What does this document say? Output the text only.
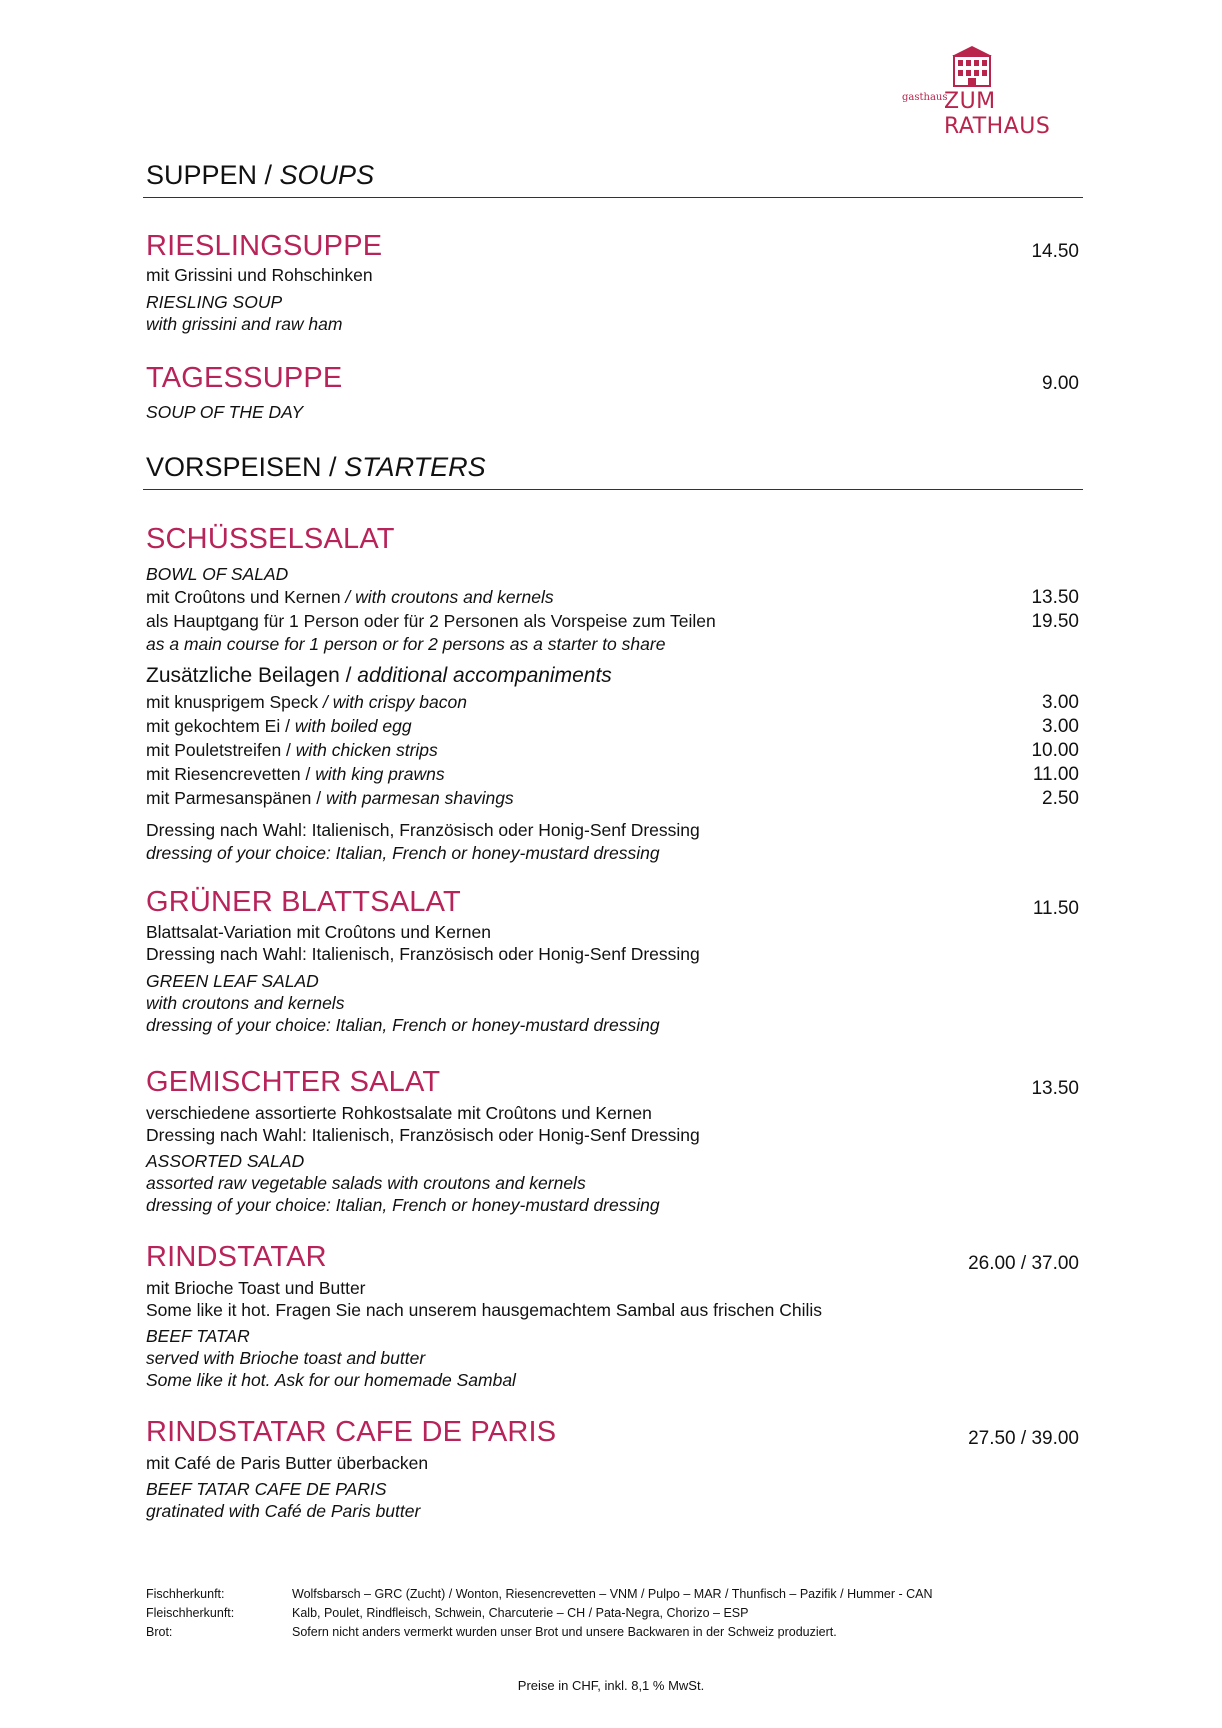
gasthaus
ZUM RATHAUS
SUPPEN / SOUPS
RIESLINGSUPPE	14.50
mit Grissini und Rohschinken
RIESLING SOUP
with grissini and raw ham
TAGESSUPPE	9.00
SOUP OF THE DAY
VORSPEISEN / STARTERS
SCHÜSSELSALAT
BOWL OF SALAD
mit Croûtons und Kernen / with croutons and kernels	13.50
als Hauptgang für 1 Person oder für 2 Personen als Vorspeise zum Teilen	19.50
as a main course for 1 person or for 2 persons as a starter to share
Zusätzliche Beilagen / additional accompaniments
mit knusprigem Speck / with crispy bacon	3.00
mit gekochtem Ei / with boiled egg	3.00
mit Pouletstreifen / with chicken strips	10.00
mit Riesencrevetten / with king prawns	11.00
mit Parmesanspänen / with parmesan shavings	2.50
Dressing nach Wahl: Italienisch, Französisch oder Honig-Senf Dressing
dressing of your choice: Italian, French or honey-mustard dressing
GRÜNER BLATTSALAT	11.50
Blattsalat-Variation mit Croûtons und Kernen
Dressing nach Wahl: Italienisch, Französisch oder Honig-Senf Dressing
GREEN LEAF SALAD
with croutons and kernels
dressing of your choice: Italian, French or honey-mustard dressing
GEMISCHTER SALAT	13.50
verschiedene assortierte Rohkostsalate mit Croûtons und Kernen
Dressing nach Wahl: Italienisch, Französisch oder Honig-Senf Dressing
ASSORTED SALAD
assorted raw vegetable salads with croutons and kernels
dressing of your choice: Italian, French or honey-mustard dressing
RINDSTATAR	26.00 / 37.00
mit Brioche Toast und Butter
Some like it hot. Fragen Sie nach unserem hausgemachtem Sambal aus frischen Chilis
BEEF TATAR
served with Brioche toast and butter
Some like it hot. Ask for our homemade Sambal
RINDSTATAR CAFE DE PARIS	27.50 / 39.00
mit Café de Paris Butter überbacken
BEEF TATAR CAFE DE PARIS
gratinated with Café de Paris butter
Fischherkunft:	Wolfsbarsch – GRC (Zucht) / Wonton, Riesencrevetten – VNM / Pulpo – MAR / Thunfisch – Pazifik / Hummer - CAN
Fleischherkunft:	Kalb, Poulet, Rindfleisch, Schwein, Charcuterie – CH / Pata-Negra, Chorizo – ESP
Brot:	Sofern nicht anders vermerkt wurden unser Brot und unsere Backwaren in der Schweiz produziert.
Preise in CHF, inkl. 8,1 % MwSt.
